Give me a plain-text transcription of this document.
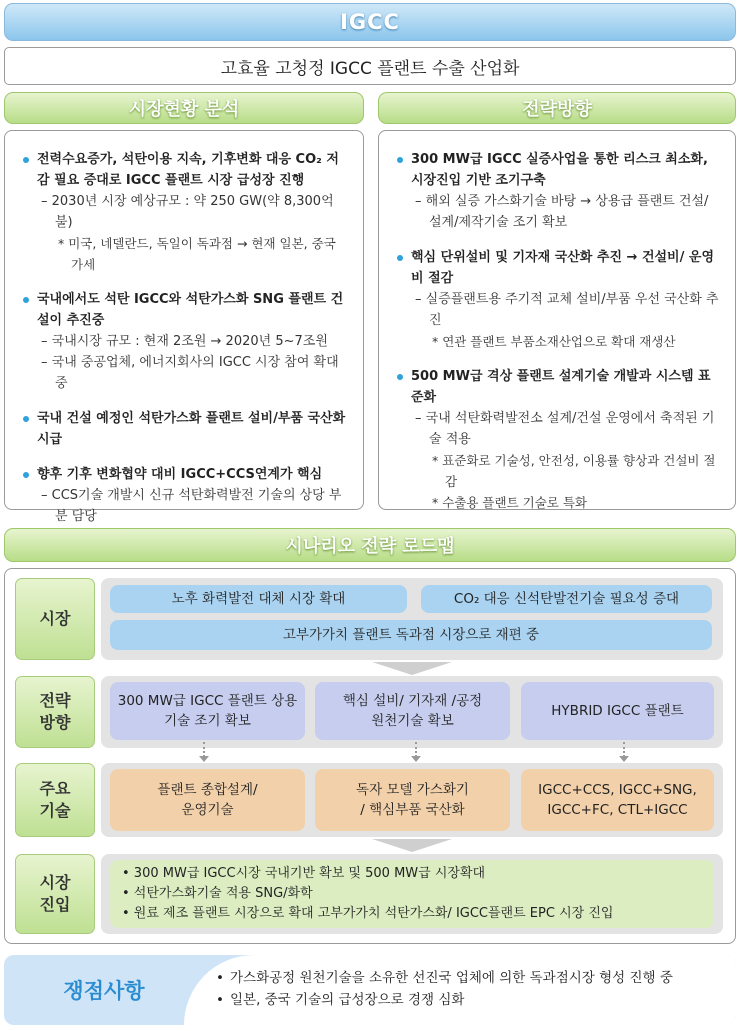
IGCC
고효율 고청정 IGCC 플랜트 수출 산업화
시장현황 분석
전력수요증가, 석탄이용 지속, 기후변화 대응 CO₂ 저감 필요 증대로 IGCC 플랜트 시장 급성장 진행
– 2030년 시장 예상규모 : 약 250 GW(약 8,300억불)
* 미국, 네델란드, 독일이 독과점 → 현재 일본, 중국 가세
국내에서도 석탄 IGCC와 석탄가스화 SNG 플랜트 건설이 추진중
– 국내시장 규모 : 현재 2조원 → 2020년 5~7조원
– 국내 중공업체, 에너지회사의 IGCC 시장 참여 확대 중
국내 건설 예정인 석탄가스화 플랜트 설비/부품 국산화 시급
향후 기후 변화협약 대비 IGCC+CCS연계가 핵심
– CCS기술 개발시 신규 석탄화력발전 기술의 상당 부분 담당
전략방향
300 MW급 IGCC 실증사업을 통한 리스크 최소화, 시장진입 기반 조기구축
– 해외 실증 가스화기술 바탕 → 상용급 플랜트 건설/ 설계/제작기술 조기 확보
핵심 단위설비 및 기자재 국산화 추진 → 건설비/ 운영비 절감
– 실증플랜트용 주기적 교체 설비/부품 우선 국산화 추진
* 연관 플랜트 부품소재산업으로 확대 재생산
500 MW급 격상 플랜트 설계기술 개발과 시스템 표준화
– 국내 석탄화력발전소 설계/건설 운영에서 축적된 기술 적용
* 표준화로 기술성, 안전성, 이용률 향상과 건설비 절감
* 수출용 플랜트 기술로 특화
시나리오 전략 로드맵
시장
노후 화력발전 대체 시장 확대	CO₂ 대응 신석탄발전기술 필요성 증대
고부가가치 플랜트 독과점 시장으로 재편 중
전략
방향
300 MW급 IGCC 플랜트 상용
기술 조기 확보
핵심 설비/ 기자재 /공정
원천기술 확보
HYBRID IGCC 플랜트
주요
기술
플랜트 종합설계/
운영기술
독자 모델 가스화기
/ 핵심부품 국산화
IGCC+CCS, IGCC+SNG,
IGCC+FC, CTL+IGCC
시장
진입
• 300 MW급 IGCC시장 국내기반 확보 및 500 MW급 시장확대
• 석탄가스화기술 적용 SNG/화학
• 원료 제조 플랜트 시장으로 확대 고부가가치 석탄가스화/ IGCC플랜트 EPC 시장 진입
쟁점사항
• 가스화공정 원천기술을 소유한 선진국 업체에 의한 독과점시장 형성 진행 중
• 일본, 중국 기술의 급성장으로 경쟁 심화
